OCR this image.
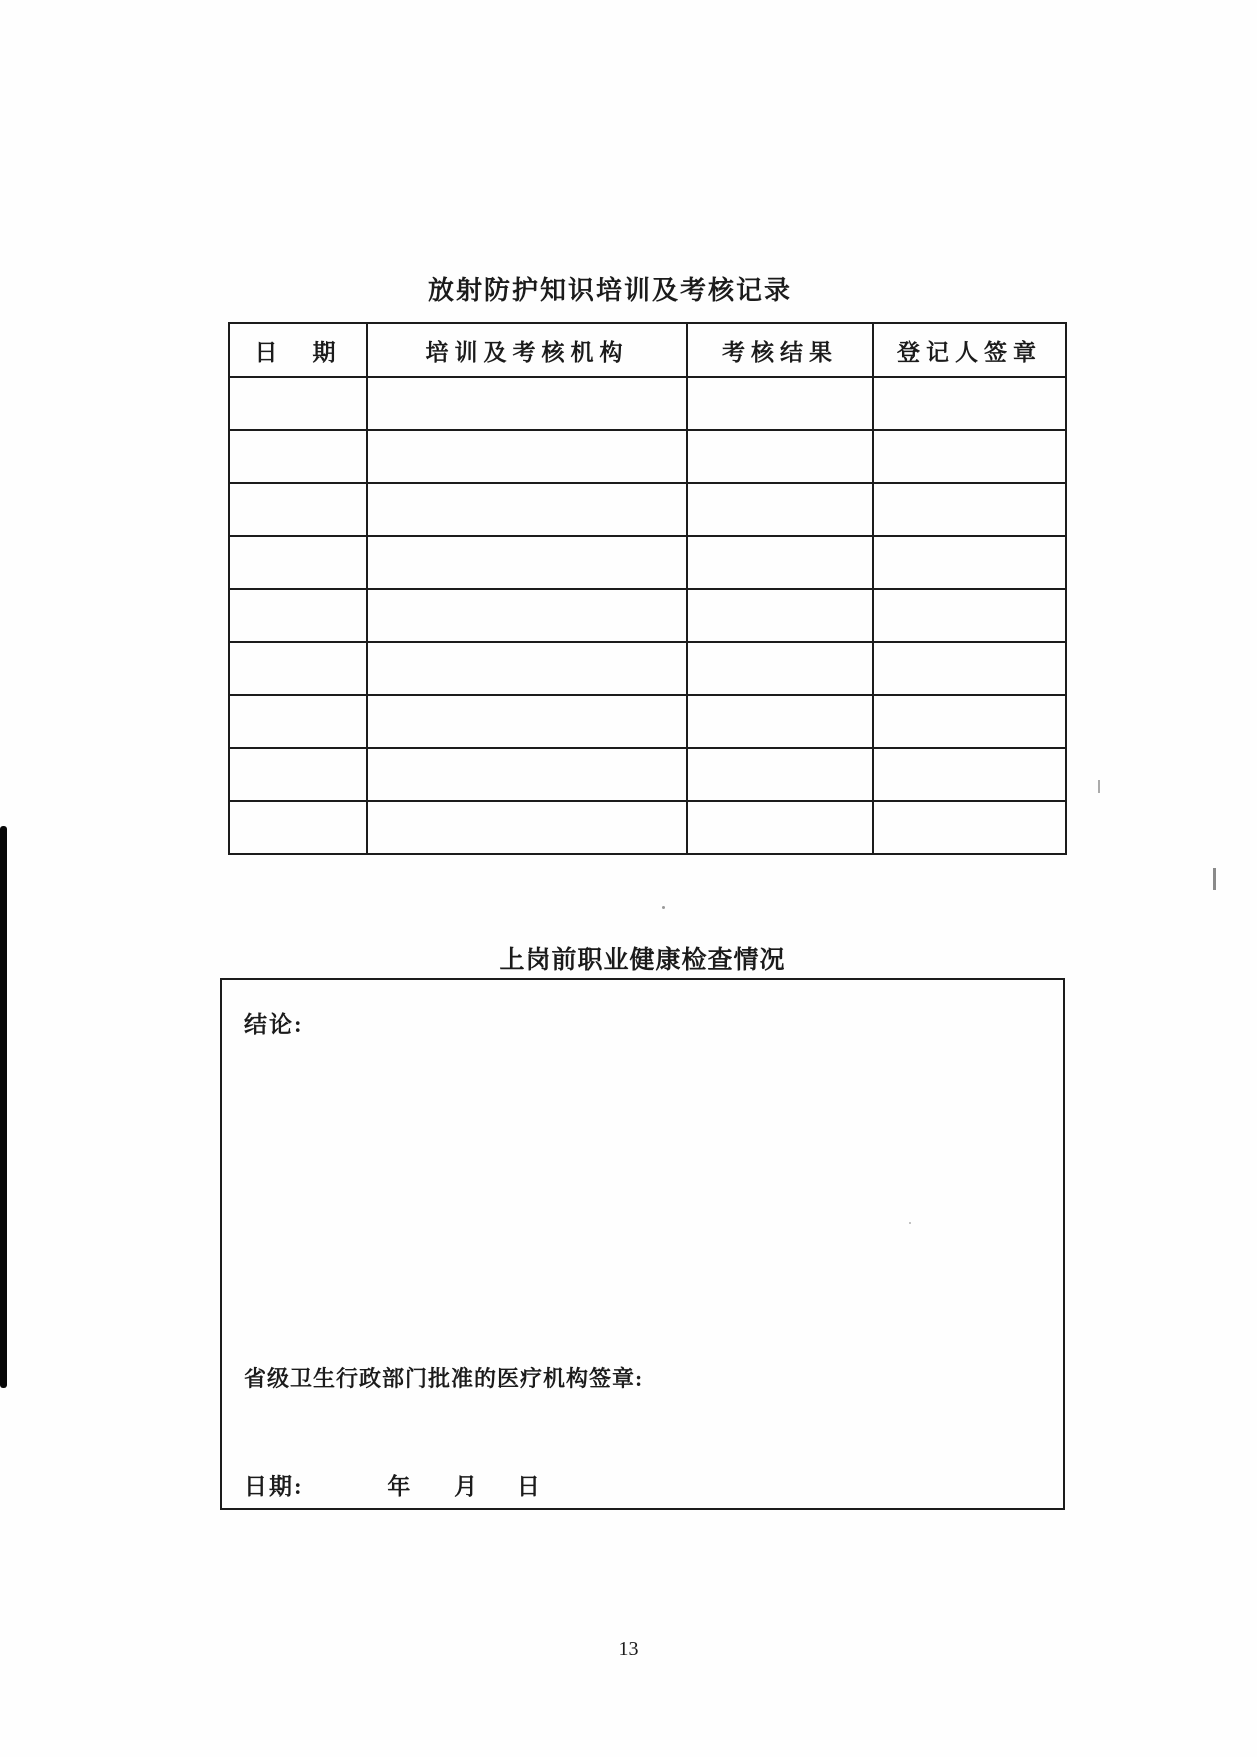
放射防护知识培训及考核记录
日　期	培训及考核机构	考核结果	登记人签章

上岗前职业健康检查情况
结论:
省级卫生行政部门批准的医疗机构签章:
日期:	年 月 日
13
